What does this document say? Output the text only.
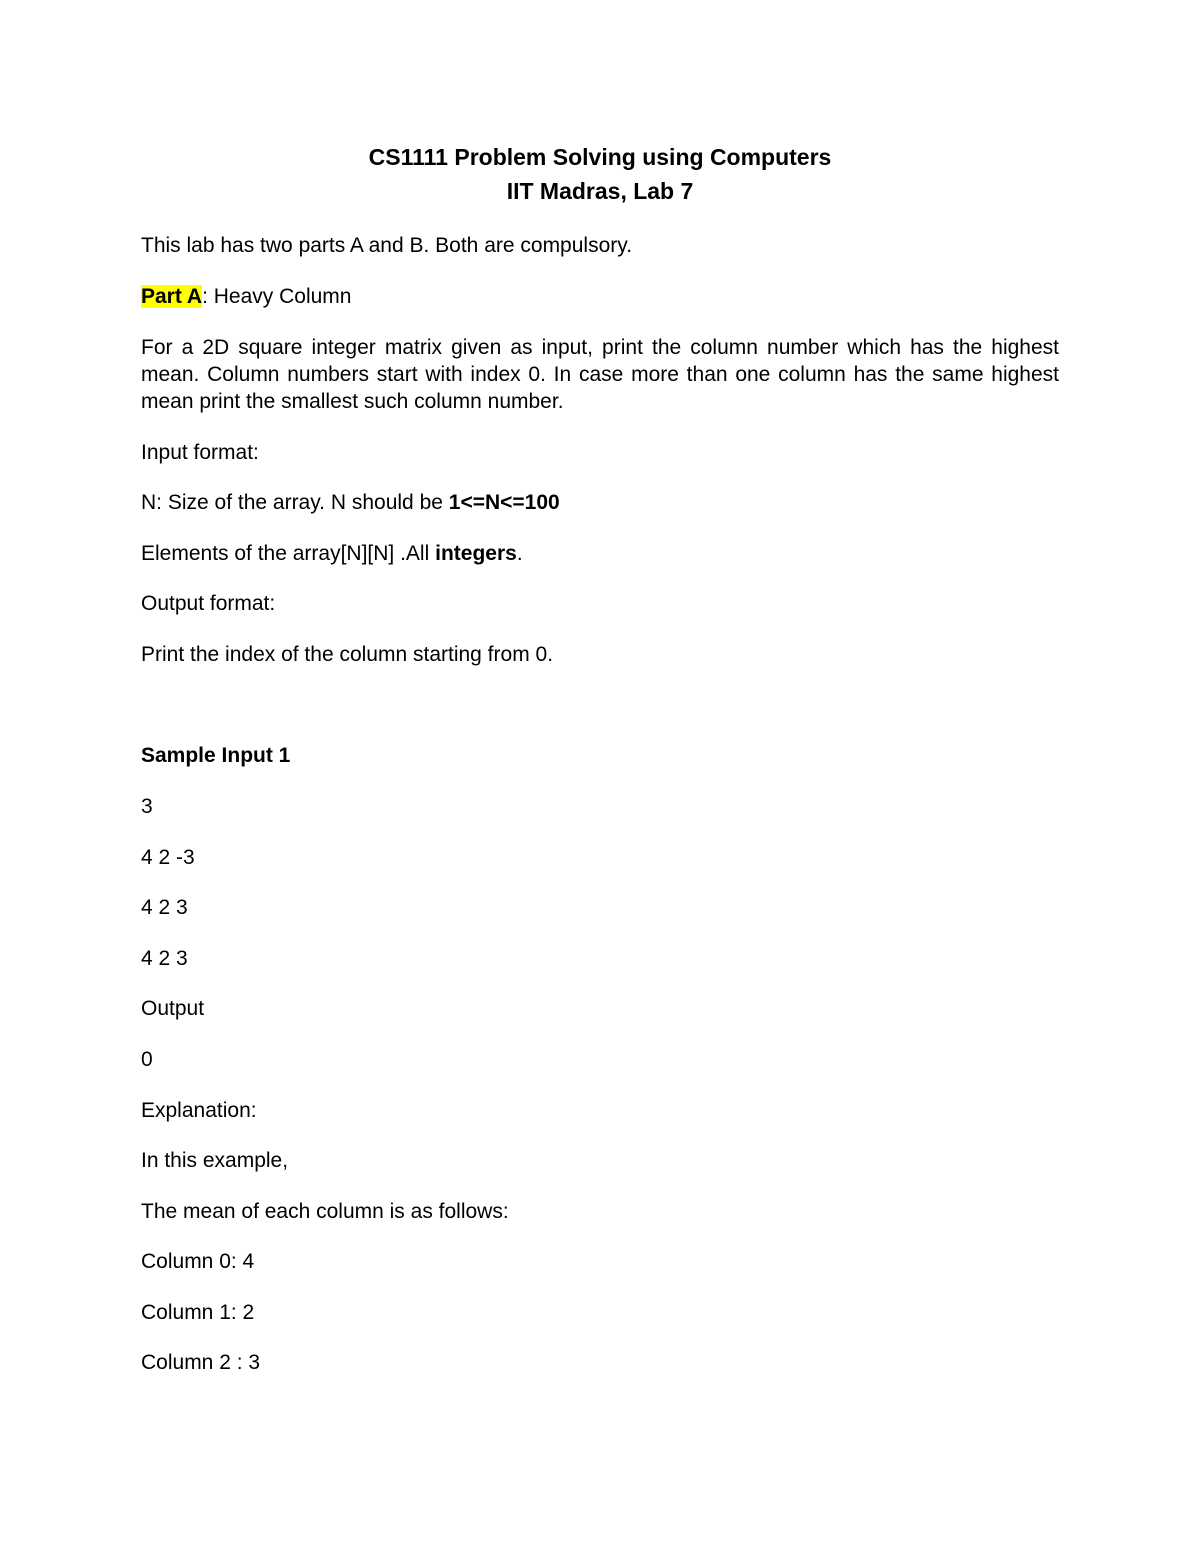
CS1111 Problem Solving using Computers
IIT Madras, Lab 7
This lab has two parts A and B. Both are compulsory.
Part A: Heavy Column
For a 2D square integer matrix given as input, print the column number which has the highest mean. Column numbers start with index 0. In case more than one column has the same highest mean print the smallest such column number.
Input format:
N: Size of the array. N should be 1<=N<=100
Elements of the array[N][N] .All integers.
Output format:
Print the index of the column starting from 0.
Sample Input 1
3
4 2 -3
4 2 3
4 2 3
Output
0
Explanation:
In this example,
The mean of each column is as follows:
Column 0: 4
Column 1: 2
Column 2 : 3
